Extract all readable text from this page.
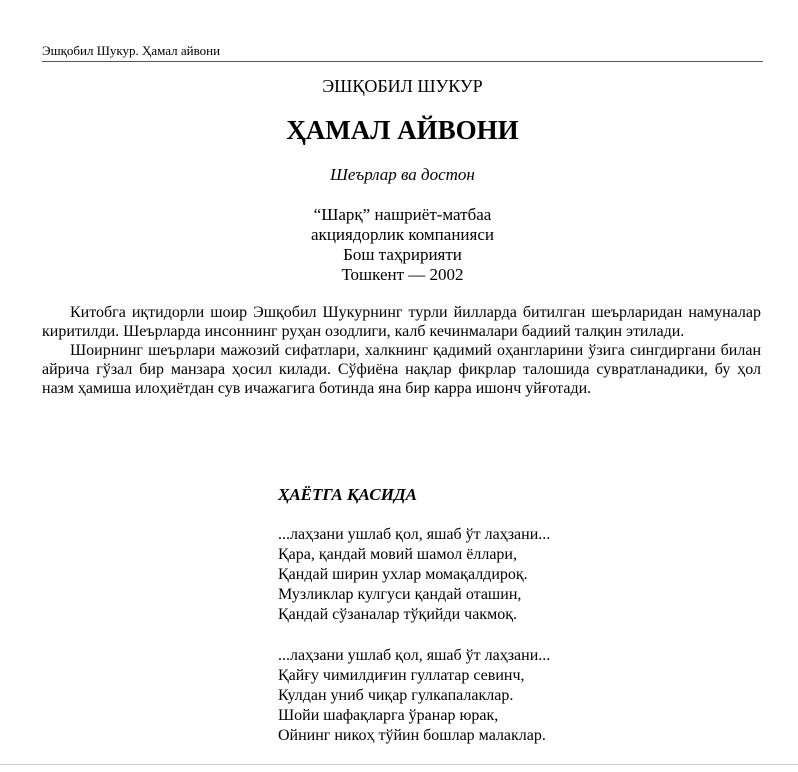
Эшқобил Шукур. Ҳамал айвони
ЭШҚОБИЛ ШУКУР
ҲАМАЛ АЙВОНИ
Шеърлар ва достон
“Шарқ” нашриёт-матбаа
акциядорлик компанияси
Бош таҳририяти
Тошкент — 2002

Китобга иқтидорли шоир Эшқобил Шукурнинг турли йилларда битилган шеърларидан намуналар киритилди. Шеърларда инсоннинг руҳан озодлиги, калб кечинмалари бадиий талқин этилади.

Шоирнинг шеърлари мажозий сифатлари, халкнинг қадимий оҳангларини ўзига сингдиргани билан айрича гўзал бир манзара ҳосил килади. Сўфиёна нақлар фикрлар талошида сувратланадики, бу ҳол назм ҳамиша илоҳиётдан сув ичажагига ботинда яна бир карра ишонч уйғотади.

ҲАЁТГА ҚАСИДА
...лаҳзани ушлаб қол, яшаб ўт лаҳзани...
Қара, қандай мовий шамол ёллари,
Қандай ширин ухлар момақалдироқ.
Музликлар кулгуси қандай оташин,
Қандай сўзаналар тўқийди чакмоқ.
...лаҳзани ушлаб қол, яшаб ўт лаҳзани...
Қайғу чимилдиғин гуллатар севинч,
Кулдан униб чиқар гулкапалаклар.
Шойи шафақларга ўранар юрак,
Ойнинг никоҳ тўйин бошлар малаклар.
